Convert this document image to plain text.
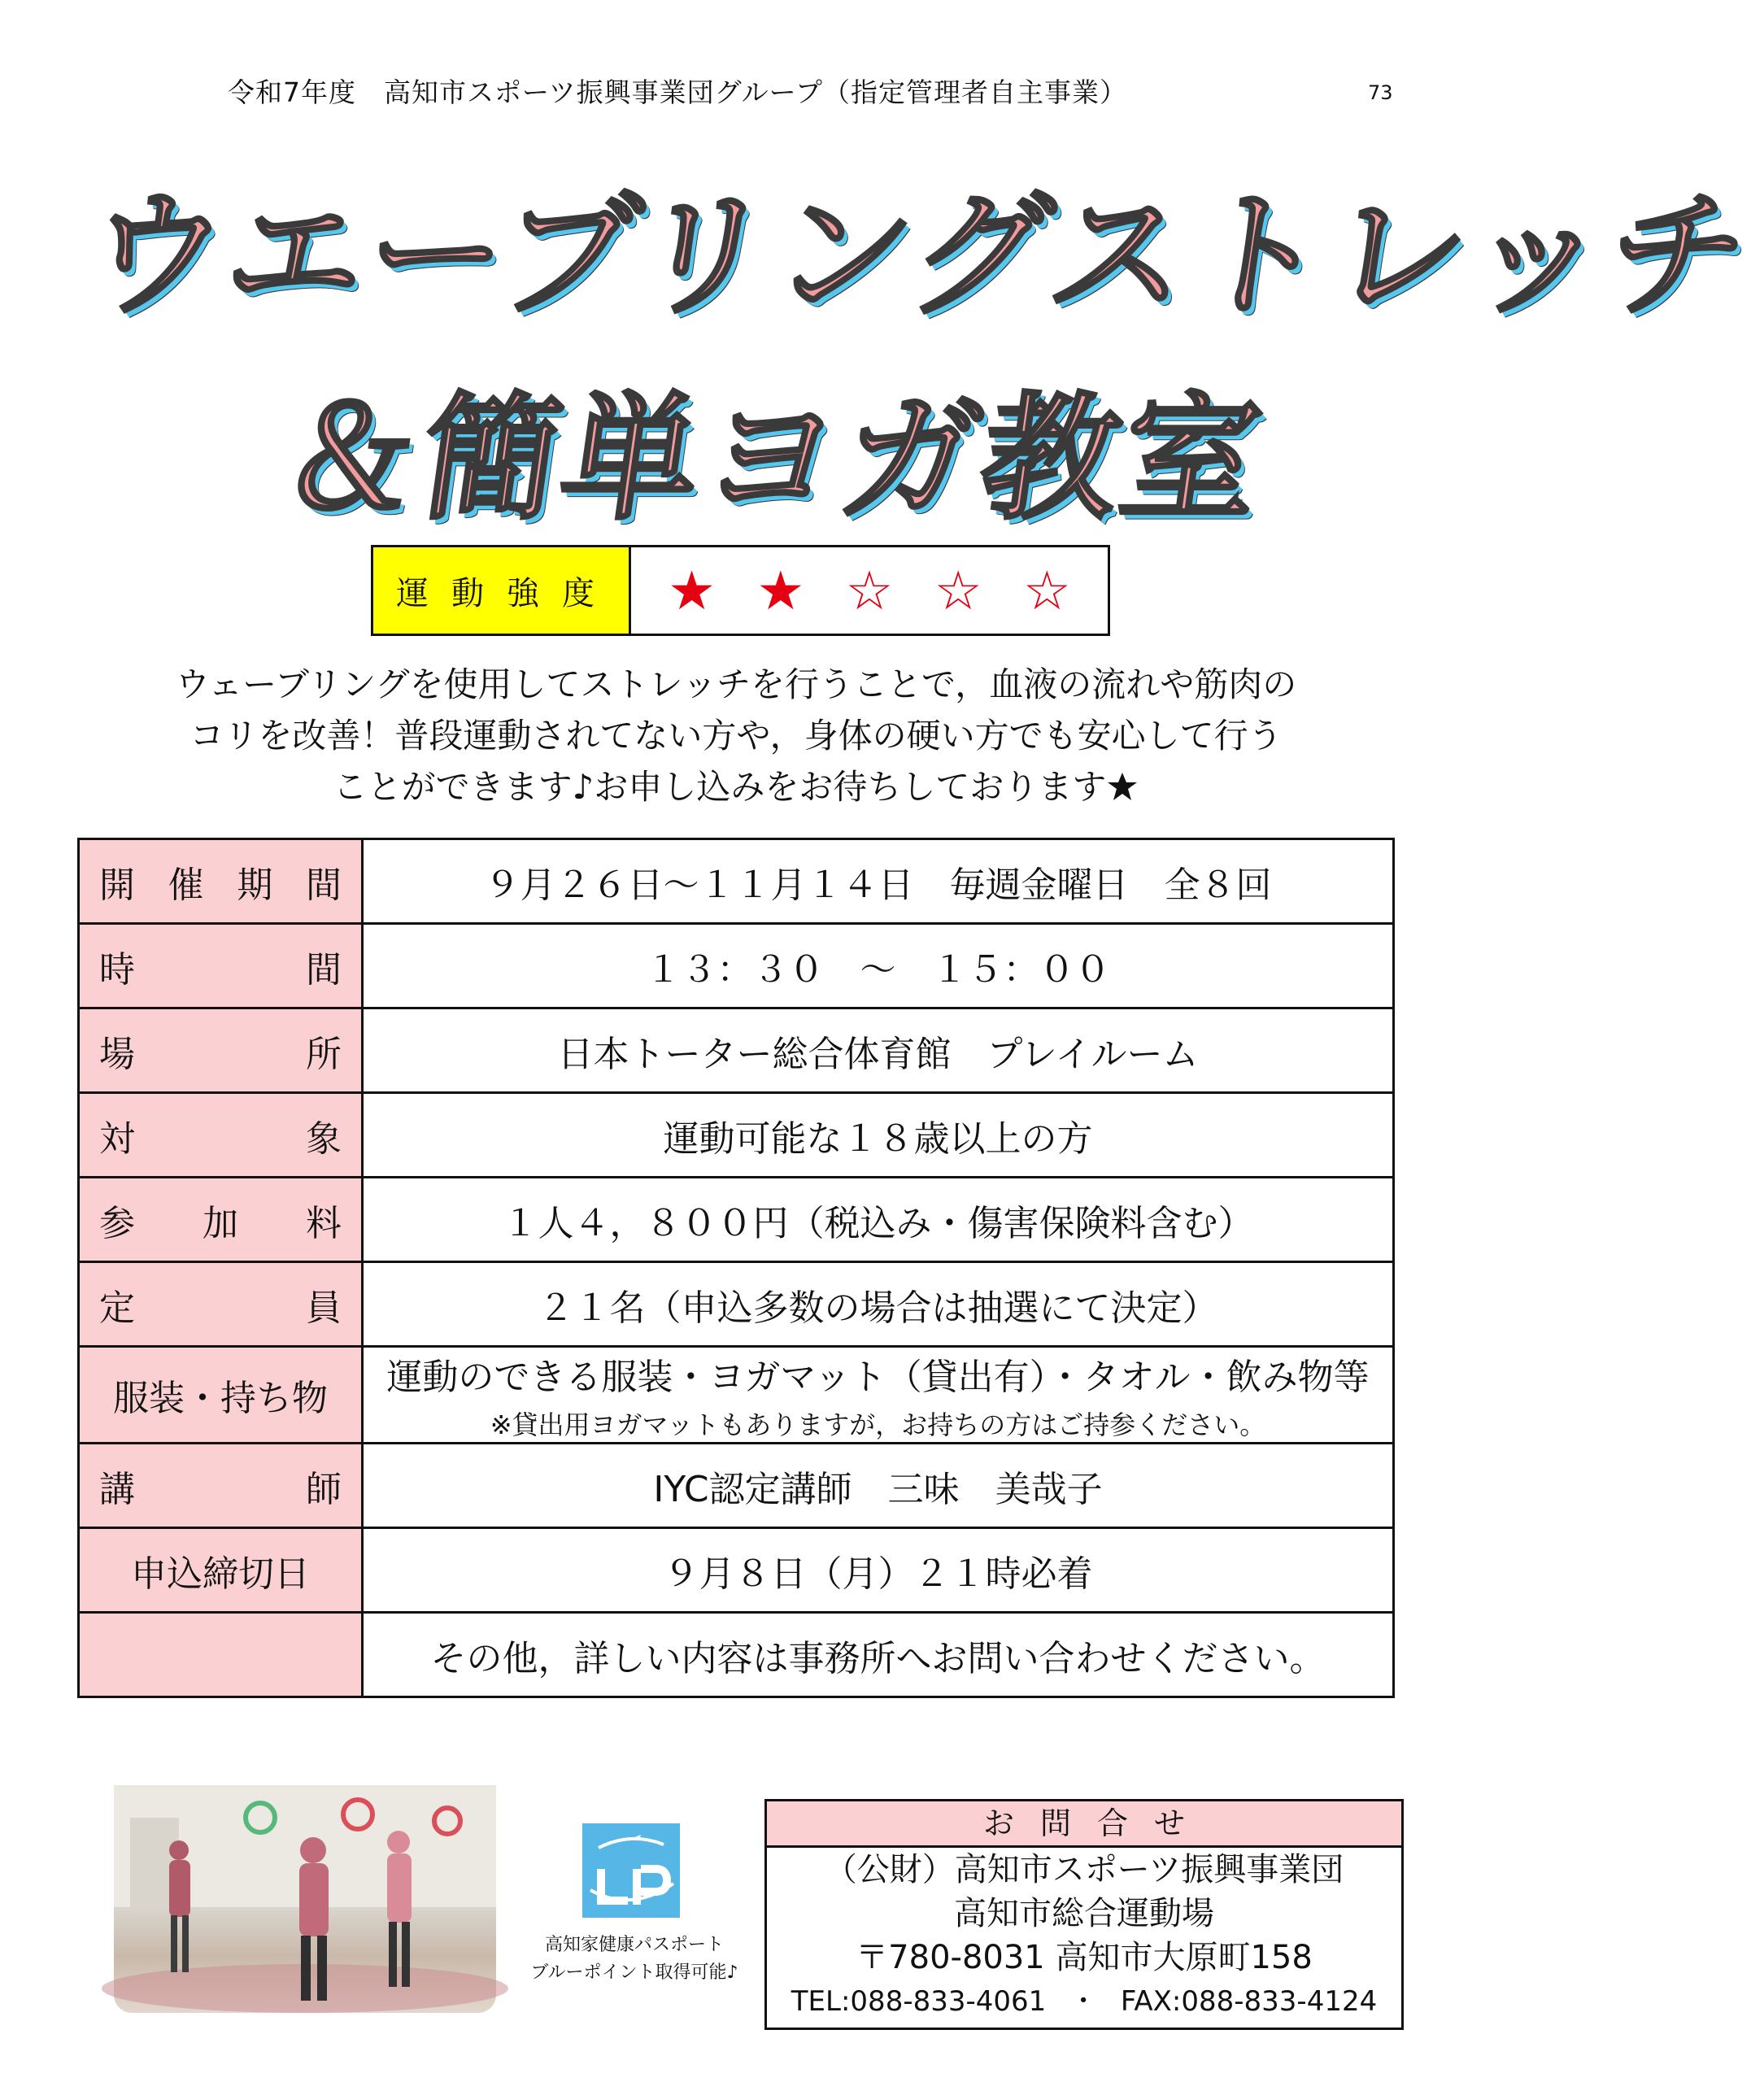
令和7年度　高知市スポーツ振興事業団グループ（指定管理者自主事業）	73
ウエーブリングストレッチ
＆簡単ヨガ教室
運動強度 ★ ★ ☆ ☆ ☆
ウェーブリングを使用してストレッチを行うことで，血液の流れや筋肉の
コリを改善！普段運動されてない方や，身体の硬い方でも安心して行う
ことができます♪お申し込みをお待ちしております
開 催 期 間	９月２６日～１１月１４日　毎週金曜日　全８回

時 間	１３：３０　～　１５：００

場 所	日本トーター総合体育館　プレイルーム

対 象	運動可能な１８歳以上の方

参 加 料	１人４，８００円（税込み・傷害保険料含む）

定 員	２１名（申込多数の場合は抽選にて決定）
服装・持ち物	運動のできる服装・ヨガマット（貸出有）・タオル・飲み物等
※貸出用ヨガマットもありますが，お持ちの方はご持参ください。

講 師	IYC認定講師　三味　美哉子
申込締切日	９月８日（月）２１時必着
	その他，詳しい内容は事務所へお問い合わせください。
高知家健康パスポート
ブルーポイント取得可能♪
お問合せ
（公財）高知市スポーツ振興事業団
高知市総合運動場
〒780-8031 高知市大原町158
TEL:088-833-4061 ・ FAX:088-833-4124
